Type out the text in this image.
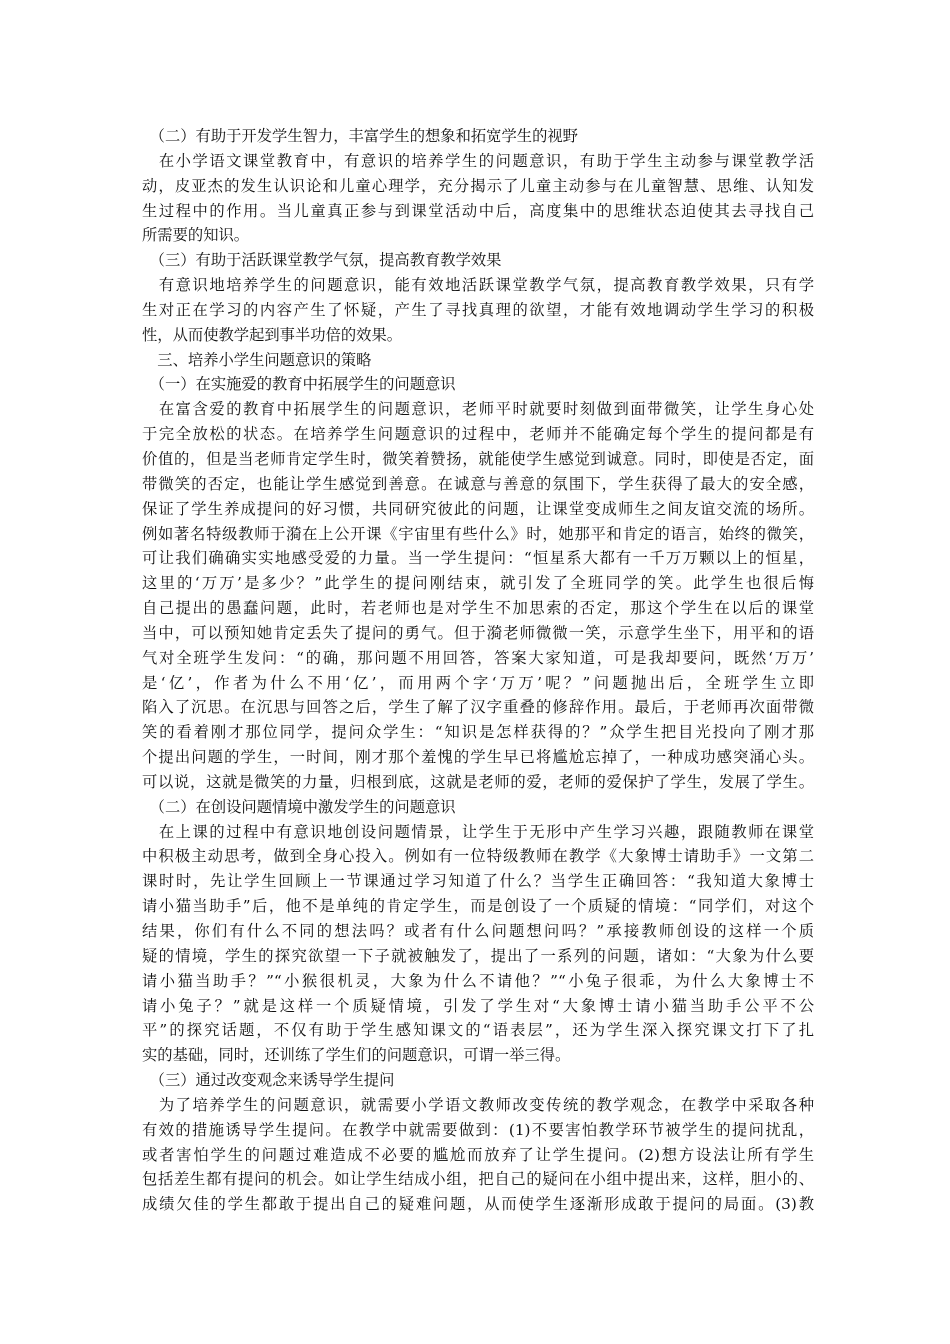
　（二）有助于开发学生智力，丰富学生的想象和拓宽学生的视野
　在小学语文课堂教育中，有意识的培养学生的问题意识，有助于学生主动参与课堂教学活
动，皮亚杰的发生认识论和儿童心理学，充分揭示了儿童主动参与在儿童智慧、思维、认知发
生过程中的作用。当儿童真正参与到课堂活动中后，高度集中的思维状态迫使其去寻找自己
所需要的知识。
　（三）有助于活跃课堂教学气氛，提高教育教学效果
　有意识地培养学生的问题意识，能有效地活跃课堂教学气氛，提高教育教学效果，只有学
生对正在学习的内容产生了怀疑，产生了寻找真理的欲望，才能有效地调动学生学习的积极
性，从而使教学起到事半功倍的效果。
　三、培养小学生问题意识的策略
　（一）在实施爱的教育中拓展学生的问题意识
　在富含爱的教育中拓展学生的问题意识，老师平时就要时刻做到面带微笑，让学生身心处
于完全放松的状态。在培养学生问题意识的过程中，老师并不能确定每个学生的提问都是有
价值的，但是当老师肯定学生时，微笑着赞扬，就能使学生感觉到诚意。同时，即使是否定，面
带微笑的否定，也能让学生感觉到善意。在诚意与善意的氛围下，学生获得了最大的安全感，
保证了学生养成提问的好习惯，共同研究彼此的问题，让课堂变成师生之间友谊交流的场所。
例如著名特级教师于漪在上公开课《宇宙里有些什么》时，她那平和肯定的语言，始终的微笑，
可让我们确确实实地感受爱的力量。当一学生提问：“恒星系大都有一千万万颗以上的恒星，
这里的‘万万’是多少？”此学生的提问刚结束，就引发了全班同学的笑。此学生也很后悔
自己提出的愚蠢问题，此时，若老师也是对学生不加思索的否定，那这个学生在以后的课堂
当中，可以预知她肯定丢失了提问的勇气。但于漪老师微微一笑，示意学生坐下，用平和的语
气对全班学生发问：“的确，那问题不用回答，答案大家知道，可是我却要问，既然‘万万’
是‘亿’，作者为什么不用‘亿’，而用两个字‘万万’呢？”问题抛出后，全班学生立即
陷入了沉思。在沉思与回答之后，学生了解了汉字重叠的修辞作用。最后，于老师再次面带微
笑的看着刚才那位同学，提问众学生：“知识是怎样获得的？”众学生把目光投向了刚才那
个提出问题的学生，一时间，刚才那个羞愧的学生早已将尴尬忘掉了，一种成功感突涌心头。
可以说，这就是微笑的力量，归根到底，这就是老师的爱，老师的爱保护了学生，发展了学生。
　（二）在创设问题情境中激发学生的问题意识
　在上课的过程中有意识地创设问题情景，让学生于无形中产生学习兴趣，跟随教师在课堂
中积极主动思考，做到全身心投入。例如有一位特级教师在教学《大象博士请助手》一文第二
课时时，先让学生回顾上一节课通过学习知道了什么？当学生正确回答：“我知道大象博士
请小猫当助手”后，他不是单纯的肯定学生，而是创设了一个质疑的情境：“同学们，对这个
结果，你们有什么不同的想法吗？或者有什么问题想问吗？”承接教师创设的这样一个质
疑的情境，学生的探究欲望一下子就被触发了，提出了一系列的问题，诸如：“大象为什么要
请小猫当助手？”“小猴很机灵，大象为什么不请他？”“小兔子很乖，为什么大象博士不
请小兔子？”就是这样一个质疑情境，引发了学生对“大象博士请小猫当助手公平不公
平”的探究话题，不仅有助于学生感知课文的“语表层”，还为学生深入探究课文打下了扎
实的基础，同时，还训练了学生们的问题意识，可谓一举三得。
　（三）通过改变观念来诱导学生提问
　为了培养学生的问题意识，就需要小学语文教师改变传统的教学观念，在教学中采取各种
有效的措施诱导学生提问。在教学中就需要做到：(1)不要害怕教学环节被学生的提问扰乱，
或者害怕学生的问题过难造成不必要的尴尬而放弃了让学生提问。(2)想方设法让所有学生
包括差生都有提问的机会。如让学生结成小组，把自己的疑问在小组中提出来，这样，胆小的、
成绩欠佳的学生都敢于提出自己的疑难问题，从而使学生逐渐形成敢于提问的局面。(3)教
